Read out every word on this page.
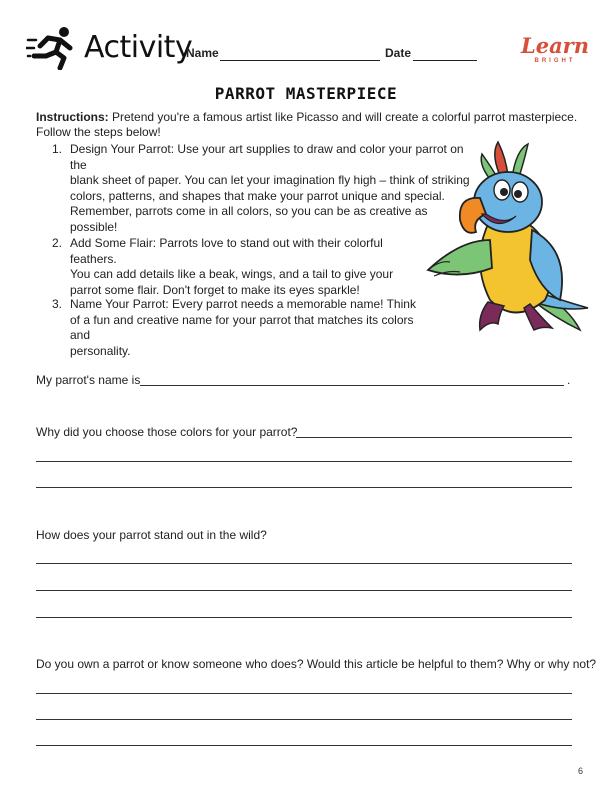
Activity
Name	Date	Learn
BRIGHT
PARROT MASTERPIECE
Instructions: Pretend you're a famous artist like Picasso and will create a colorful parrot masterpiece. Follow the steps below!
1. Design Your Parrot: Use your art supplies to draw and color your parrot on the
blank sheet of paper. You can let your imagination fly high – think of striking
colors, patterns, and shapes that make your parrot unique and special.
Remember, parrots come in all colors, so you can be as creative as
possible!
2. Add Some Flair: Parrots love to stand out with their colorful feathers.
You can add details like a beak, wings, and a tail to give your
parrot some flair. Don't forget to make its eyes sparkle!
3. Name Your Parrot: Every parrot needs a memorable name! Think
of a fun and creative name for your parrot that matches its colors and
personality.
My parrot's name is	.
Why did you choose those colors for your parrot?
How does your parrot stand out in the wild?
Do you own a parrot or know someone who does? Would this article be helpful to them? Why or why not?
6
